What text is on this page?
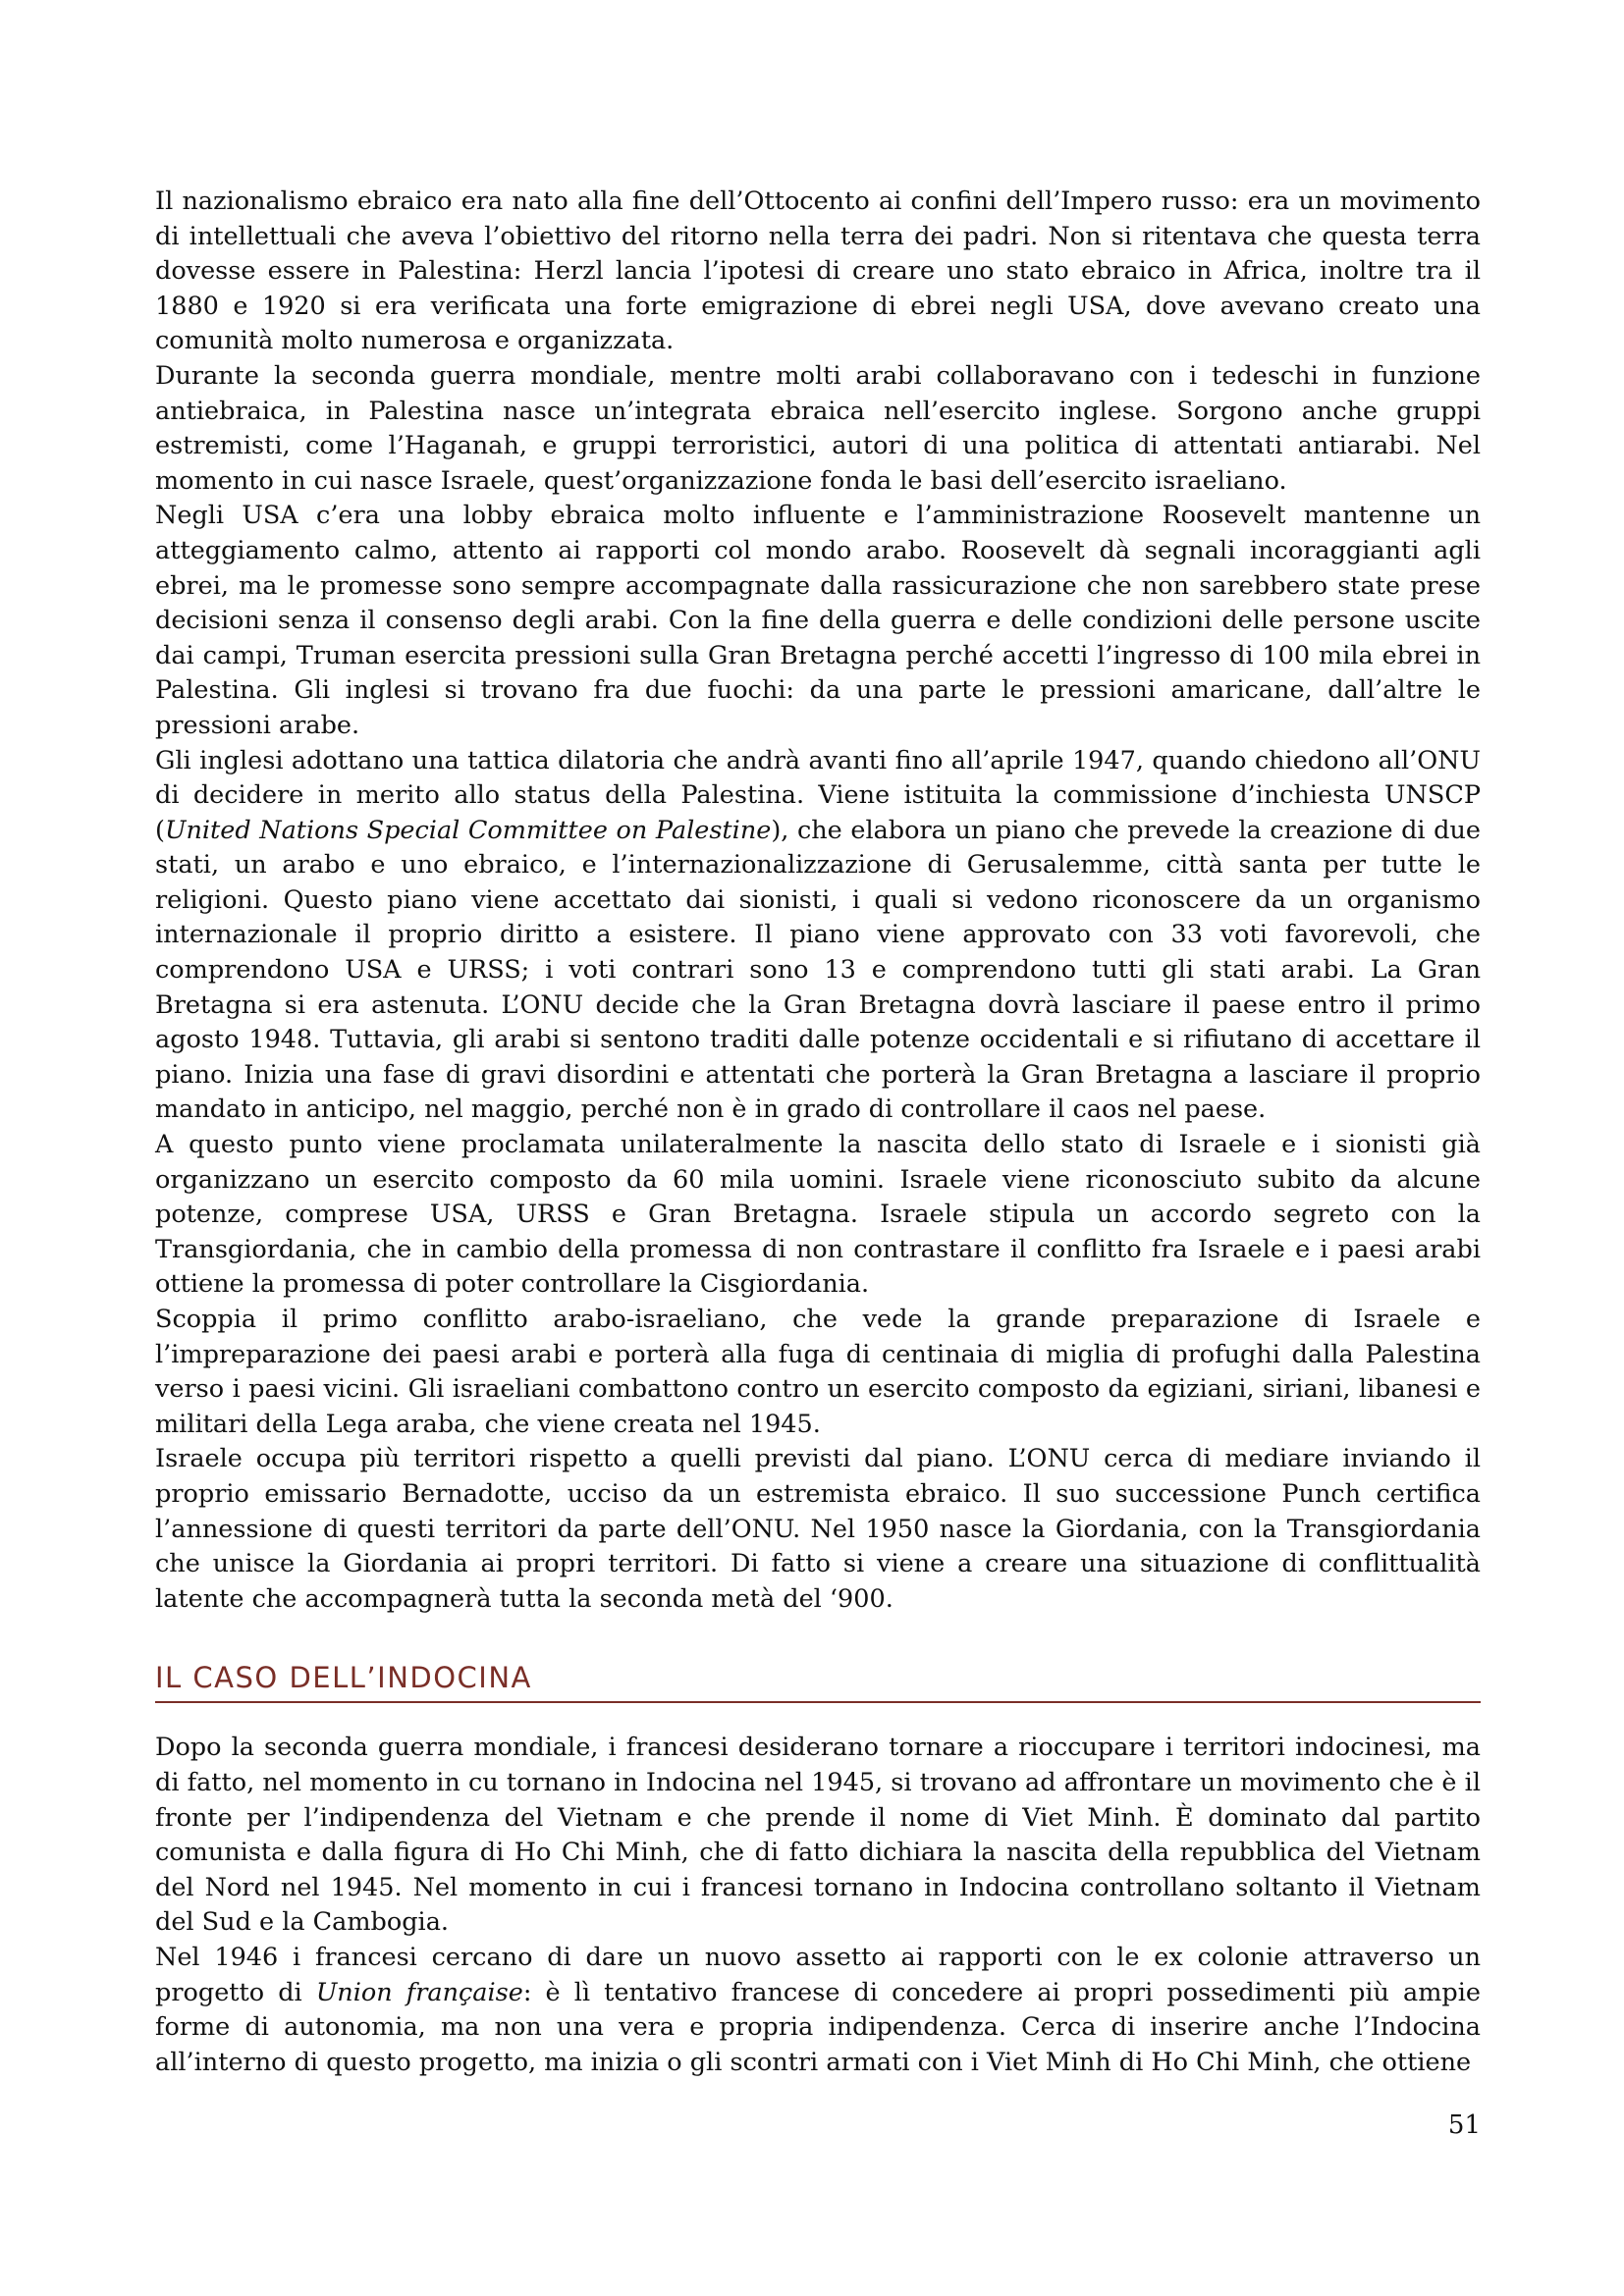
Il nazionalismo ebraico era nato alla fine dell’Ottocento ai confini dell’Impero russo: era un movimento di intellettuali che aveva l’obiettivo del ritorno nella terra dei padri. Non si ritentava che questa terra dovesse essere in Palestina: Herzl lancia l’ipotesi di creare uno stato ebraico in Africa, inoltre tra il 1880 e 1920 si era verificata una forte emigrazione di ebrei negli USA, dove avevano creato una comunità molto numerosa e organizzata.

Durante la seconda guerra mondiale, mentre molti arabi collaboravano con i tedeschi in funzione antiebraica, in Palestina nasce un’integrata ebraica nell’esercito inglese. Sorgono anche gruppi estremisti, come l’Haganah, e gruppi terroristici, autori di una politica di attentati antiarabi. Nel momento in cui nasce Israele, quest’organizzazione fonda le basi dell’esercito israeliano.

Negli USA c’era una lobby ebraica molto influente e l’amministrazione Roosevelt mantenne un atteggiamento calmo, attento ai rapporti col mondo arabo. Roosevelt dà segnali incoraggianti agli ebrei, ma le promesse sono sempre accompagnate dalla rassicurazione che non sarebbero state prese decisioni senza il consenso degli arabi. Con la fine della guerra e delle condizioni delle persone uscite dai campi, Truman esercita pressioni sulla Gran Bretagna perché accetti l’ingresso di 100 mila ebrei in Palestina. Gli inglesi si trovano fra due fuochi: da una parte le pressioni amaricane, dall’altre le pressioni arabe.

Gli inglesi adottano una tattica dilatoria che andrà avanti fino all’aprile 1947, quando chiedono all’ONU di decidere in merito allo status della Palestina. Viene istituita la commissione d’inchiesta UNSCP (United Nations Special Committee on Palestine), che elabora un piano che prevede la creazione di due stati, un arabo e uno ebraico, e l’internazionalizzazione di Gerusalemme, città santa per tutte le religioni. Questo piano viene accettato dai sionisti, i quali si vedono riconoscere da un organismo internazionale il proprio diritto a esistere. Il piano viene approvato con 33 voti favorevoli, che comprendono USA e URSS; i voti contrari sono 13 e comprendono tutti gli stati arabi. La Gran Bretagna si era astenuta. L’ONU decide che la Gran Bretagna dovrà lasciare il paese entro il primo agosto 1948. Tuttavia, gli arabi si sentono traditi dalle potenze occidentali e si rifiutano di accettare il piano. Inizia una fase di gravi disordini e attentati che porterà la Gran Bretagna a lasciare il proprio mandato in anticipo, nel maggio, perché non è in grado di controllare il caos nel paese.

A questo punto viene proclamata unilateralmente la nascita dello stato di Israele e i sionisti già organizzano un esercito composto da 60 mila uomini. Israele viene riconosciuto subito da alcune potenze, comprese USA, URSS e Gran Bretagna. Israele stipula un accordo segreto con la Transgiordania, che in cambio della promessa di non contrastare il conflitto fra Israele e i paesi arabi ottiene la promessa di poter controllare la Cisgiordania.

Scoppia il primo conflitto arabo-israeliano, che vede la grande preparazione di Israele e l’impreparazione dei paesi arabi e porterà alla fuga di centinaia di miglia di profughi dalla Palestina verso i paesi vicini. Gli israeliani combattono contro un esercito composto da egiziani, siriani, libanesi e militari della Lega araba, che viene creata nel 1945.

Israele occupa più territori rispetto a quelli previsti dal piano. L’ONU cerca di mediare inviando il proprio emissario Bernadotte, ucciso da un estremista ebraico. Il suo successione Punch certifica l’annessione di questi territori da parte dell’ONU. Nel 1950 nasce la Giordania, con la Transgiordania che unisce la Giordania ai propri territori. Di fatto si viene a creare una situazione di conflittualità latente che accompagnerà tutta la seconda metà del ‘900.

IL CASO DELL’INDOCINA

Dopo la seconda guerra mondiale, i francesi desiderano tornare a rioccupare i territori indocinesi, ma di fatto, nel momento in cu tornano in Indocina nel 1945, si trovano ad affrontare un movimento che è il fronte per l’indipendenza del Vietnam e che prende il nome di Viet Minh. È dominato dal partito comunista e dalla figura di Ho Chi Minh, che di fatto dichiara la nascita della repubblica del Vietnam del Nord nel 1945. Nel momento in cui i francesi tornano in Indocina controllano soltanto il Vietnam del Sud e la Cambogia.

Nel 1946 i francesi cercano di dare un nuovo assetto ai rapporti con le ex colonie attraverso un progetto di Union française: è lì tentativo francese di concedere ai propri possedimenti più ampie forme di autonomia, ma non una vera e propria indipendenza. Cerca di inserire anche l’Indocina all’interno di questo progetto, ma inizia o gli scontri armati con i Viet Minh di Ho Chi Minh, che ottiene

51
